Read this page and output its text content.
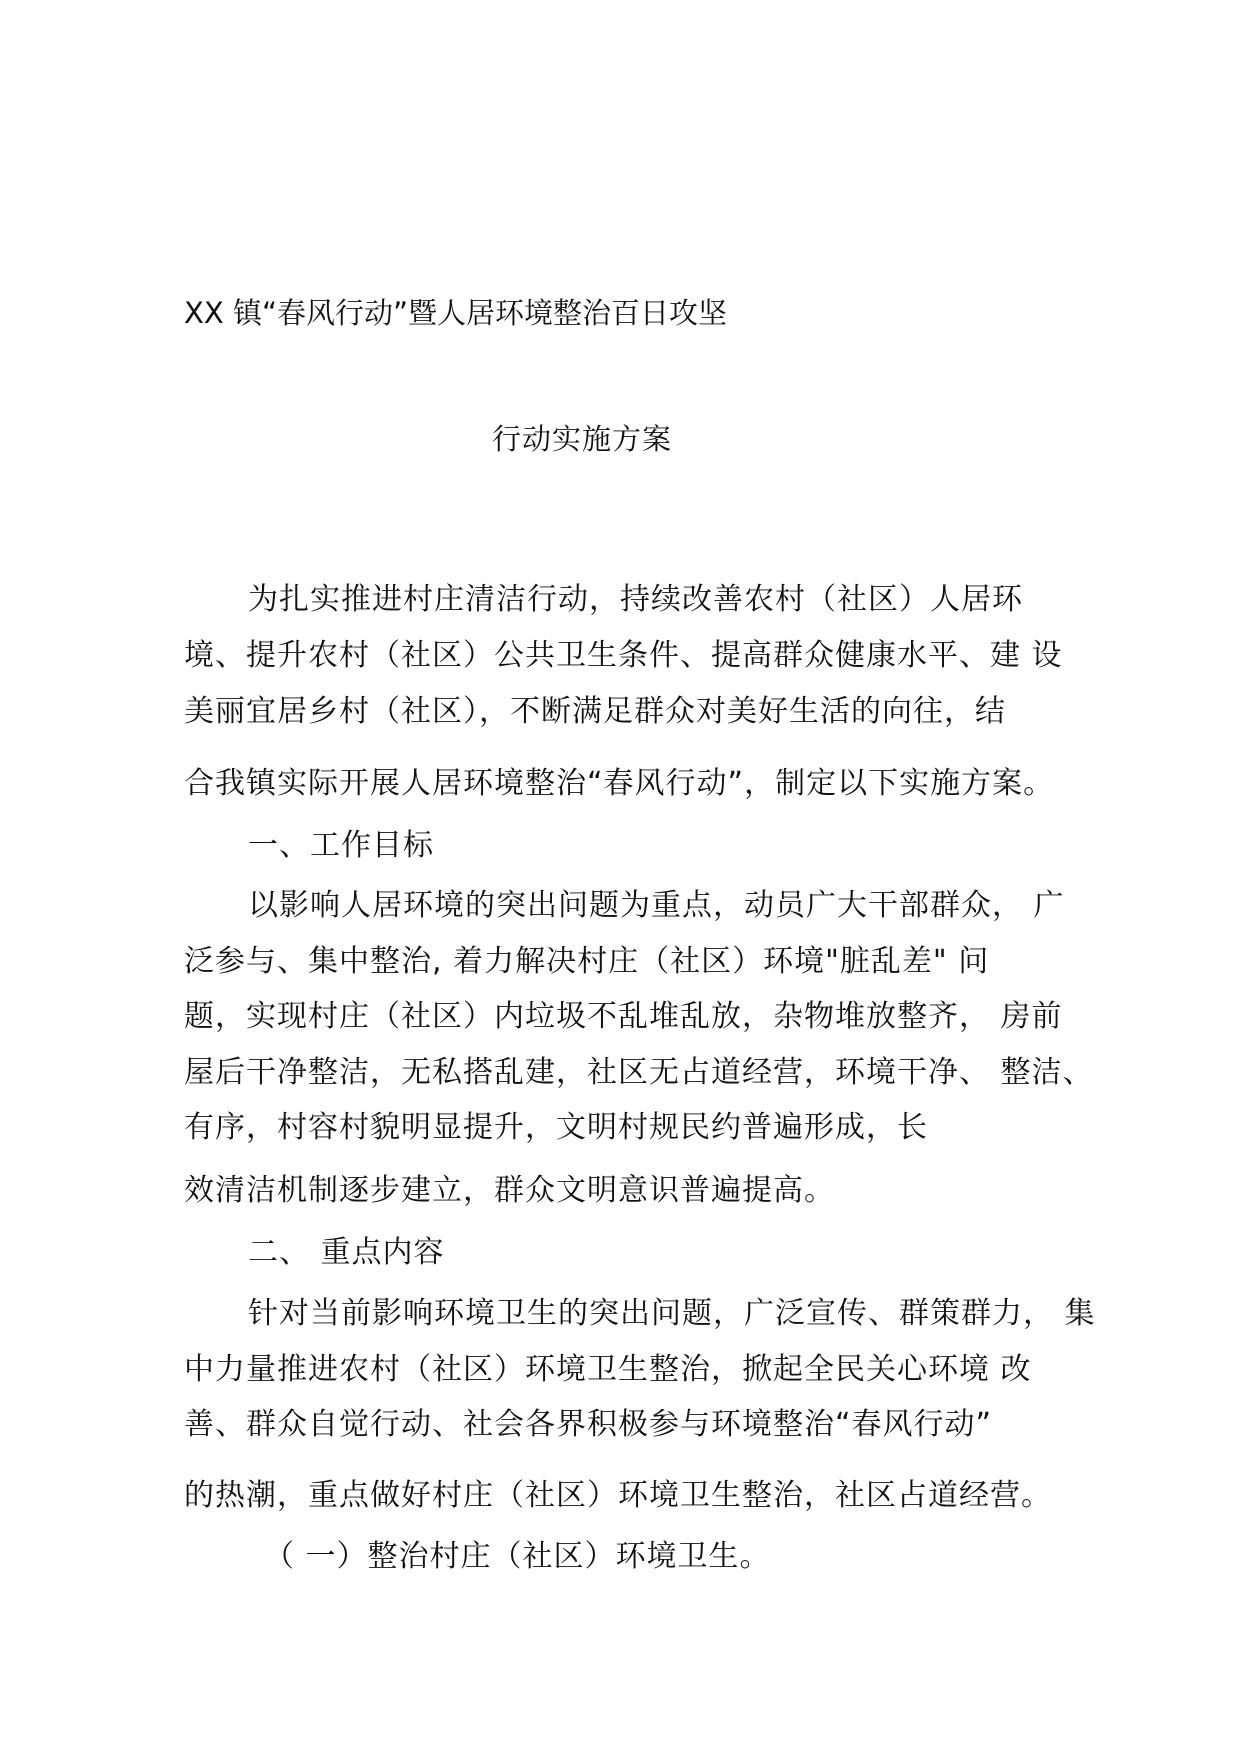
XX 镇“春风行动”暨人居环境整治百日攻坚
行动实施方案
为扎实推进村庄清洁行动，持续改善农村（社区）人居环
境、提升农村（社区）公共卫生条件、提高群众健康水平、建 设
美丽宜居乡村（社区），不断满足群众对美好生活的向往，结
合我镇实际开展人居环境整治“春风行动”，制定以下实施方案。
一、工作目标
以影响人居环境的突出问题为重点，动员广大干部群众， 广
泛参与、集中整治, 着力解决村庄（社区）环境"脏乱差" 问
题，实现村庄（社区）内垃圾不乱堆乱放，杂物堆放整齐， 房前
屋后干净整洁，无私搭乱建，社区无占道经营，环境干净、 整洁、
有序，村容村貌明显提升，文明村规民约普遍形成，长
效清洁机制逐步建立，群众文明意识普遍提高。
二、 重点内容
针对当前影响环境卫生的突出问题，广泛宣传、群策群力， 集
中力量推进农村（社区）环境卫生整治，掀起全民关心环境 改
善、群众自觉行动、社会各界积极参与环境整治“春风行动”
的热潮，重点做好村庄（社区）环境卫生整治，社区占道经营。
（ 一）整治村庄（社区）环境卫生。
